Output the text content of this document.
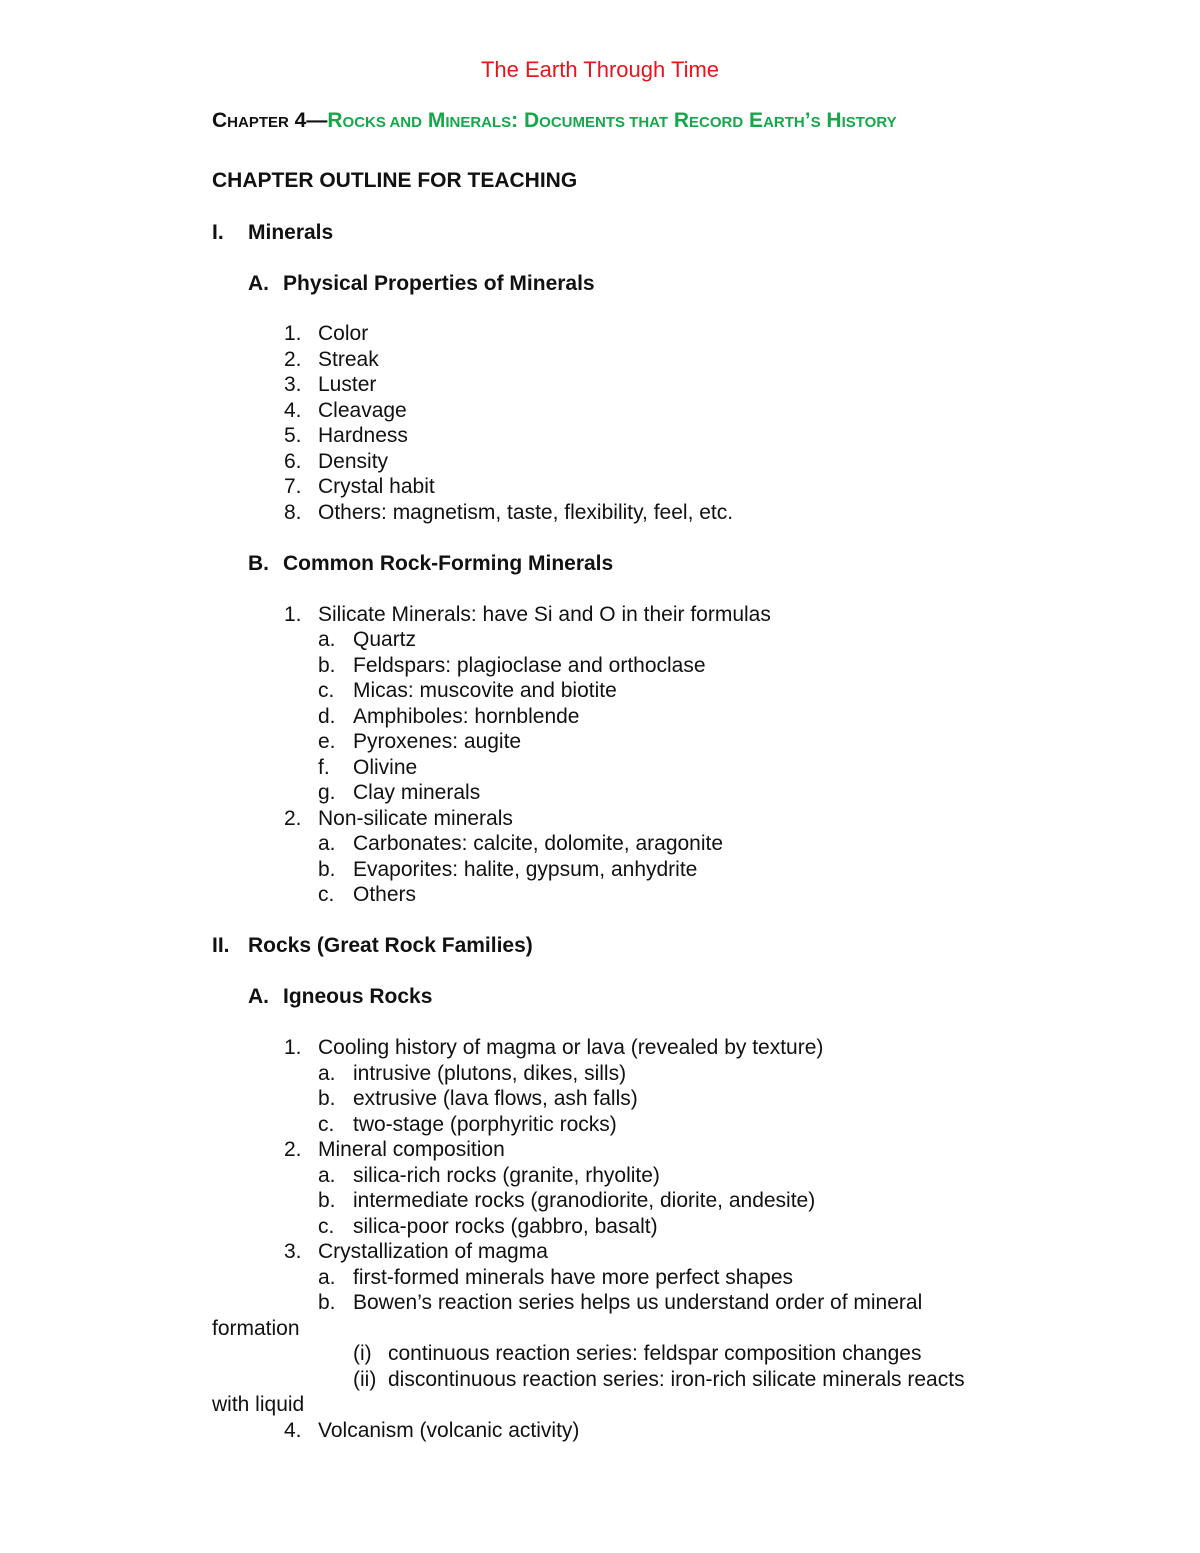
The Earth Through Time
CHAPTER 4—ROCKS AND MINERALS: DOCUMENTS THAT RECORD EARTH’S HISTORY
CHAPTER OUTLINE FOR TEACHING
I. Minerals
A. Physical Properties of Minerals
1. Color
2. Streak
3. Luster
4. Cleavage
5. Hardness
6. Density
7. Crystal habit
8. Others: magnetism, taste, flexibility, feel, etc.
B. Common Rock-Forming Minerals
1. Silicate Minerals: have Si and O in their formulas
a. Quartz
b. Feldspars: plagioclase and orthoclase
c. Micas: muscovite and biotite
d. Amphiboles: hornblende
e. Pyroxenes: augite
f. Olivine
g. Clay minerals
2. Non-silicate minerals
a. Carbonates: calcite, dolomite, aragonite
b. Evaporites: halite, gypsum, anhydrite
c. Others
II. Rocks (Great Rock Families)
A. Igneous Rocks
1. Cooling history of magma or lava (revealed by texture)
a. intrusive (plutons, dikes, sills)
b. extrusive (lava flows, ash falls)
c. two-stage (porphyritic rocks)
2. Mineral composition
a. silica-rich rocks (granite, rhyolite)
b. intermediate rocks (granodiorite, diorite, andesite)
c. silica-poor rocks (gabbro, basalt)
3. Crystallization of magma
a. first-formed minerals have more perfect shapes
b. Bowen’s reaction series helps us understand order of mineral
formation
(i) continuous reaction series: feldspar composition changes
(ii) discontinuous reaction series: iron-rich silicate minerals reacts
with liquid
4. Volcanism (volcanic activity)
